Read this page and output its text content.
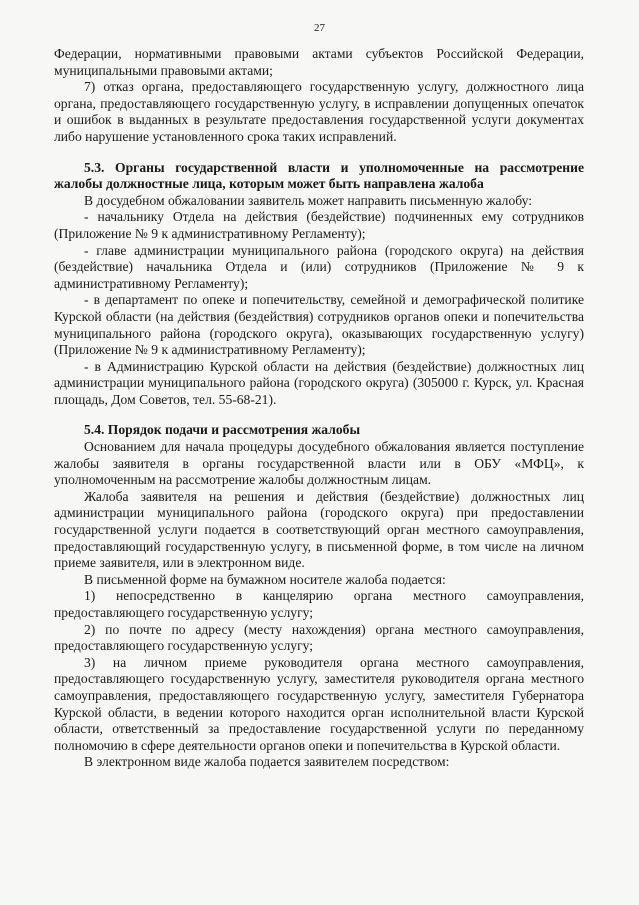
27

Федерации, нормативными правовыми актами субъектов Российской Федерации, муниципальными правовыми актами;

7) отказ органа, предоставляющего государственную услугу, должностного лица органа, предоставляющего государственную услугу, в исправлении допущенных опечаток и ошибок в выданных в результате предоставления государственной услуги документах либо нарушение установленного срока таких исправлений.

5.3. Органы государственной власти и уполномоченные на рассмотрение жалобы должностные лица, которым может быть направлена жалоба

В досудебном обжаловании заявитель может направить письменную жалобу:

- начальнику Отдела на действия (бездействие) подчиненных ему сотрудников (Приложение № 9 к административному Регламенту);

- главе администрации муниципального района (городского округа) на действия (бездействие) начальника Отдела и (или) сотрудников (Приложение № 9 к административному Регламенту);

- в департамент по опеке и попечительству, семейной и демографической политике Курской области (на действия (бездействия) сотрудников органов опеки и попечительства муниципального района (городского округа), оказывающих государственную услугу) (Приложение № 9 к административному Регламенту);

- в Администрацию Курской области на действия (бездействие) должностных лиц администрации муниципального района (городского округа) (305000 г. Курск, ул. Красная площадь, Дом Советов, тел. 55-68-21).

5.4. Порядок подачи и рассмотрения жалобы

Основанием для начала процедуры досудебного обжалования является поступление жалобы заявителя в органы государственной власти или в ОБУ «МФЦ», к уполномоченным на рассмотрение жалобы должностным лицам.

Жалоба заявителя на решения и действия (бездействие) должностных лиц администрации муниципального района (городского округа) при предоставлении государственной услуги подается в соответствующий орган местного самоуправления, предоставляющий государственную услугу, в письменной форме, в том числе на личном приеме заявителя, или в электронном виде.

В письменной форме на бумажном носителе жалоба подается:

1) непосредственно в канцелярию органа местного самоуправления, предоставляющего государственную услугу;

2) по почте по адресу (месту нахождения) органа местного самоуправления, предоставляющего государственную услугу;

3) на личном приеме руководителя органа местного самоуправления, предоставляющего государственную услугу, заместителя руководителя органа местного самоуправления, предоставляющего государственную услугу, заместителя Губернатора Курской области, в ведении которого находится орган исполнительной власти Курской области, ответственный за предоставление государственной услуги по переданному полномочию в сфере деятельности органов опеки и попечительства в Курской области.

В электронном виде жалоба подается заявителем посредством:
